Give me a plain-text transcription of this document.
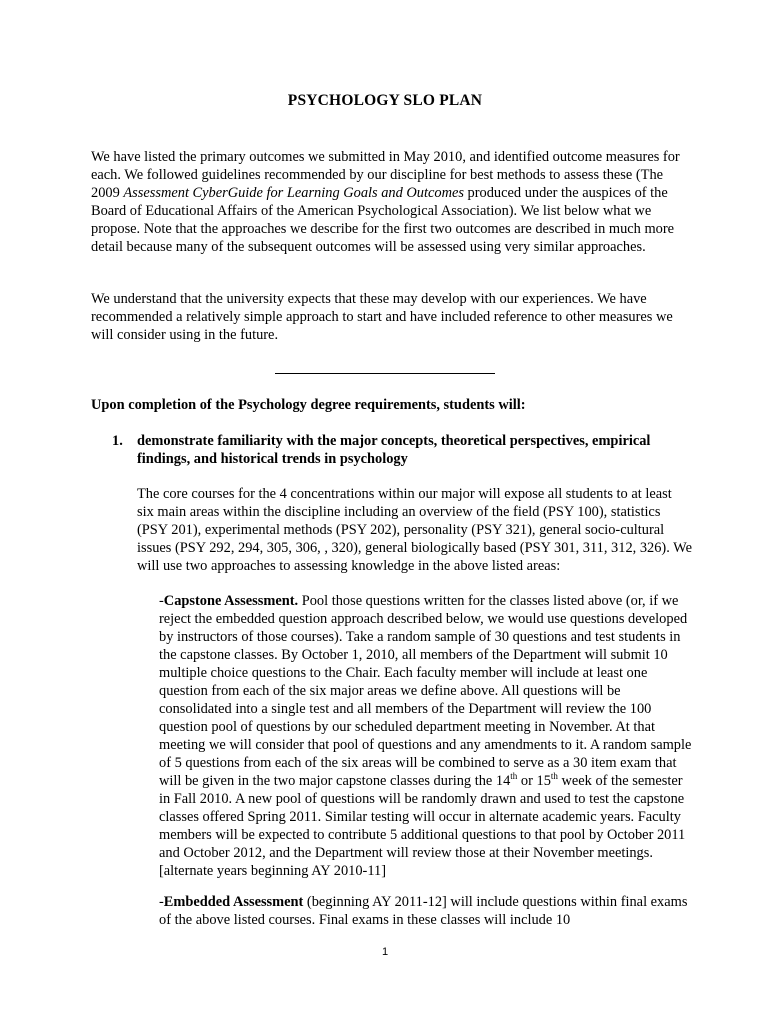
PSYCHOLOGY SLO PLAN

We have listed the primary outcomes we submitted in May 2010, and identified outcome measures for each. We followed guidelines recommended by our discipline for best methods to assess these (The 2009 Assessment CyberGuide for Learning Goals and Outcomes produced under the auspices of the Board of Educational Affairs of the American Psychological Association). We list below what we propose. Note that the approaches we describe for the first two outcomes are described in much more detail because many of the subsequent outcomes will be assessed using very similar approaches.

We understand that the university expects that these may develop with our experiences. We have recommended a relatively simple approach to start and have included reference to other measures we will consider using in the future.

Upon completion of the Psychology degree requirements, students will:
1. demonstrate familiarity with the major concepts, theoretical perspectives, empirical findings, and historical trends in psychology

The core courses for the 4 concentrations within our major will expose all students to at least six main areas within the discipline including an overview of the field (PSY 100), statistics (PSY 201), experimental methods (PSY 202), personality (PSY 321), general socio-cultural issues (PSY 292, 294, 305, 306, , 320), general biologically based (PSY 301, 311, 312, 326). We will use two approaches to assessing knowledge in the above listed areas:

-Capstone Assessment. Pool those questions written for the classes listed above (or, if we reject the embedded question approach described below, we would use questions developed by instructors of those courses). Take a random sample of 30 questions and test students in the capstone classes. By October 1, 2010, all members of the Department will submit 10 multiple choice questions to the Chair. Each faculty member will include at least one question from each of the six major areas we define above. All questions will be consolidated into a single test and all members of the Department will review the 100 question pool of questions by our scheduled department meeting in November. At that meeting we will consider that pool of questions and any amendments to it. A random sample of 5 questions from each of the six areas will be combined to serve as a 30 item exam that will be given in the two major capstone classes during the 14th or 15th week of the semester in Fall 2010. A new pool of questions will be randomly drawn and used to test the capstone classes offered Spring 2011. Similar testing will occur in alternate academic years. Faculty members will be expected to contribute 5 additional questions to that pool by October 2011 and October 2012, and the Department will review those at their November meetings. [alternate years beginning AY 2010-11]

-Embedded Assessment (beginning AY 2011-12] will include questions within final exams of the above listed courses. Final exams in these classes will include 10

1
